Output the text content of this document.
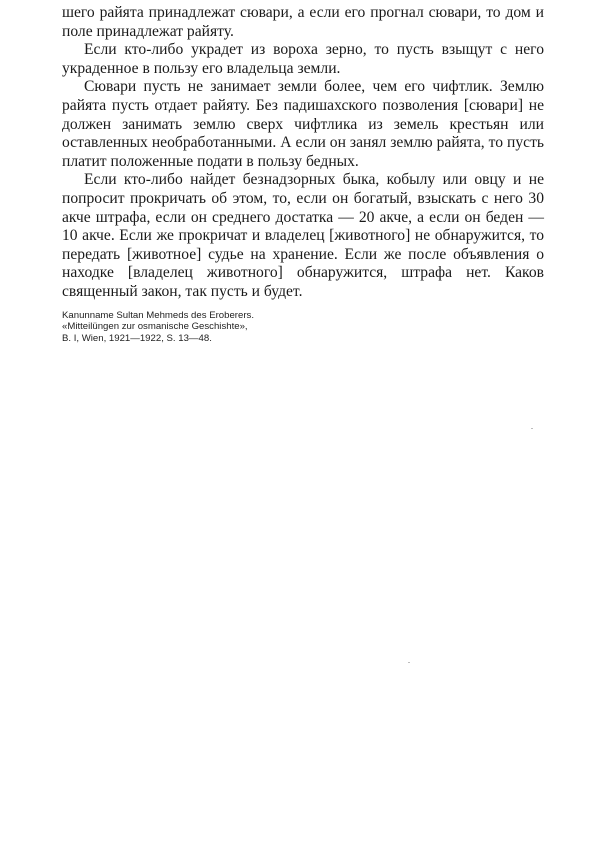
шего райята принадлежат сювари, а если его прогнал сювари, то дом и поле принадлежат райяту.

Если кто-либо украдет из вороха зерно, то пусть взыщут с него украденное в пользу его владельца земли.

Сювари пусть не занимает земли более, чем его чифтлик. Землю райята пусть отдает райяту. Без падишахского позволения [сювари] не должен занимать землю сверх чифтлика из земель крестьян или оставленных необработанными. А если он занял землю райята, то пусть платит положенные подати в пользу бедных.

Если кто-либо найдет безнадзорных быка, кобылу или овцу и не попросит прокричать об этом, то, если он богатый, взыскать с него 30 акче штрафа, если он среднего достатка — 20 акче, а если он беден — 10 акче. Если же прокричат и владелец [животного] не обнаружится, то передать [животное] судье на хранение. Если же после объявления о находке [владелец животного] обнаружится, штрафа нет. Каков священный закон, так пусть и будет.

Kanunname Sultan Mehmeds des Eroberers.
«Mitteilüngen zur osmanische Geschishte»,
B. I, Wien, 1921—1922, S. 13—48.
